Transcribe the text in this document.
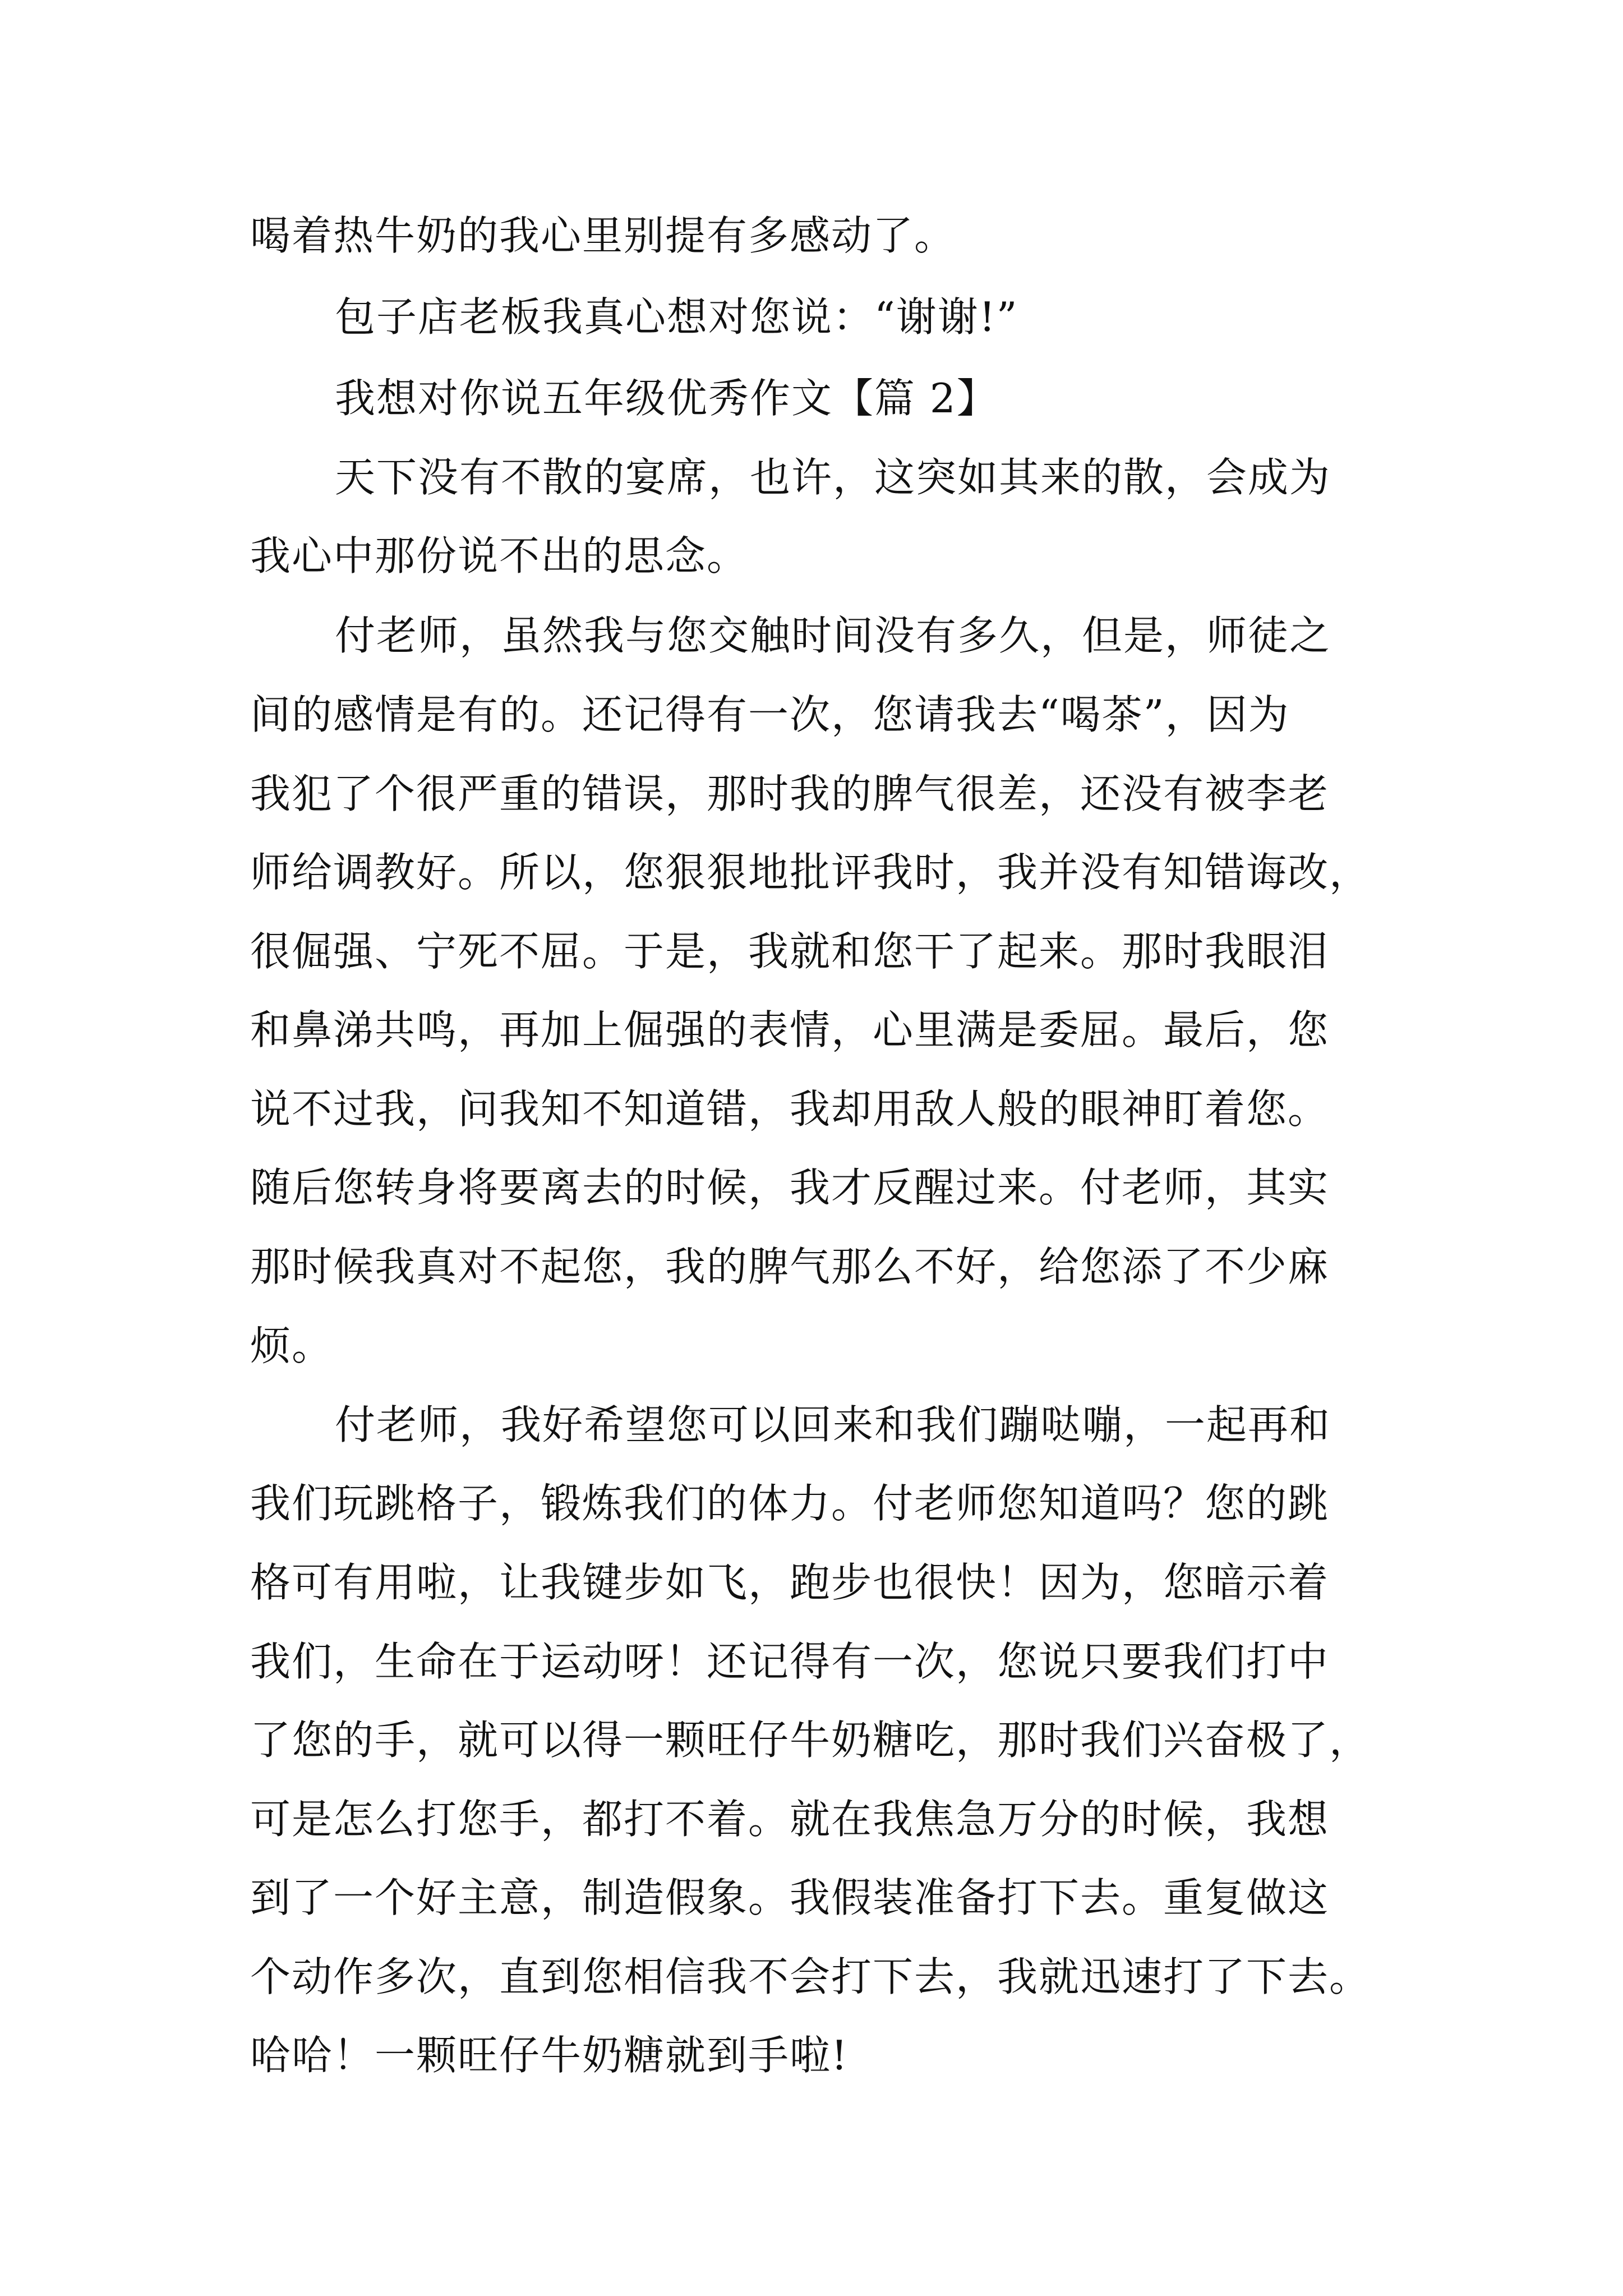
喝着热牛奶的我心里别提有多感动了。
包子店老板我真心想对您说：“谢谢!”
我想对你说五年级优秀作文【篇 2】
天下没有不散的宴席，也许，这突如其来的散，会成为
我心中那份说不出的思念。
付老师，虽然我与您交触时间没有多久，但是，师徒之
间的感情是有的。还记得有一次，您请我去“喝茶”，因为
我犯了个很严重的错误，那时我的脾气很差，还没有被李老
师给调教好。所以，您狠狠地批评我时，我并没有知错诲改，
很倔强、宁死不屈。于是，我就和您干了起来。那时我眼泪
和鼻涕共鸣，再加上倔强的表情，心里满是委屈。最后，您
说不过我，问我知不知道错，我却用敌人般的眼神盯着您。
随后您转身将要离去的时候，我才反醒过来。付老师，其实
那时候我真对不起您，我的脾气那么不好，给您添了不少麻
烦。
付老师，我好希望您可以回来和我们蹦哒嘣，一起再和
我们玩跳格子，锻炼我们的体力。付老师您知道吗？您的跳
格可有用啦，让我键步如飞，跑步也很快！因为，您暗示着
我们，生命在于运动呀！还记得有一次，您说只要我们打中
了您的手，就可以得一颗旺仔牛奶糖吃，那时我们兴奋极了，
可是怎么打您手，都打不着。就在我焦急万分的时候，我想
到了一个好主意，制造假象。我假装准备打下去。重复做这
个动作多次，直到您相信我不会打下去，我就迅速打了下去。
哈哈！一颗旺仔牛奶糖就到手啦!
